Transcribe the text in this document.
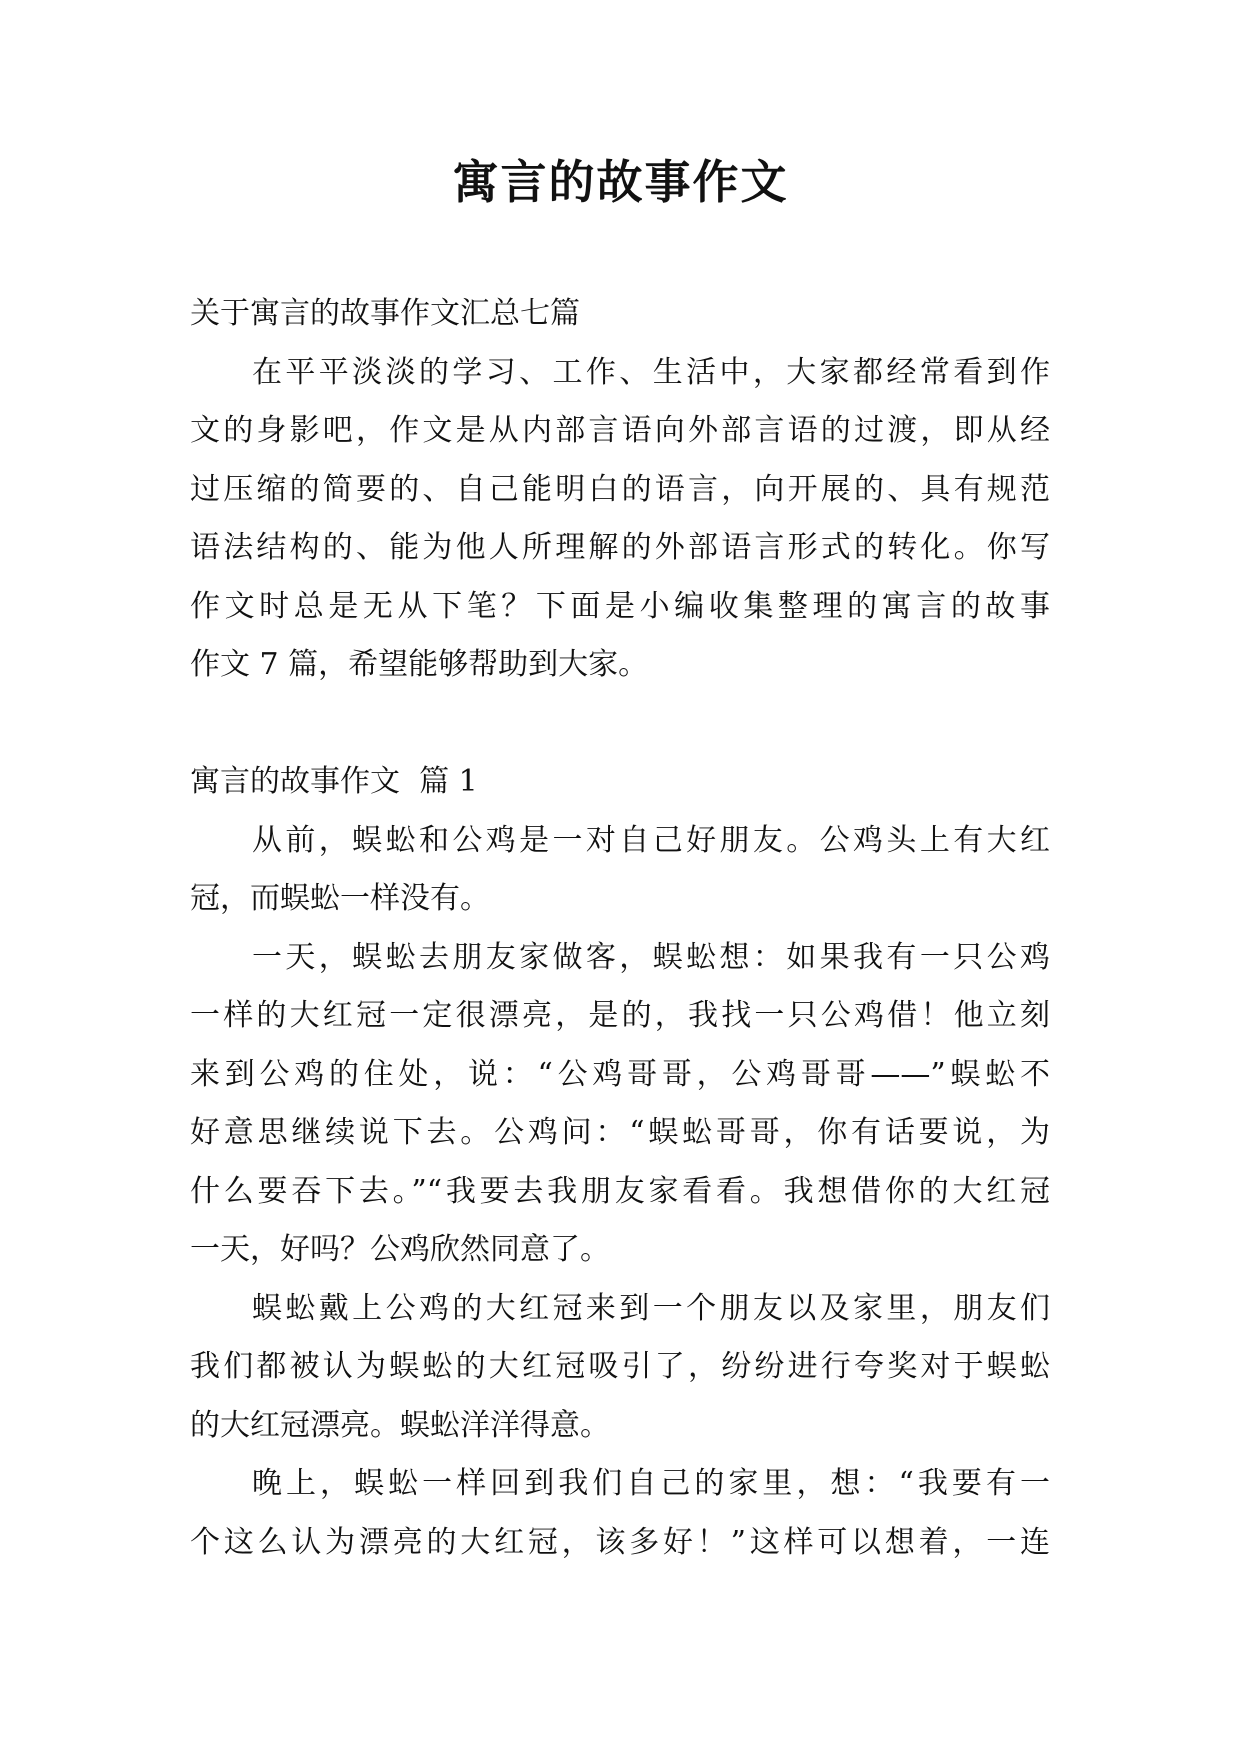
寓言的故事作文
关于寓言的故事作文汇总七篇
在平平淡淡的学习、工作、生活中，大家都经常看到作
文的身影吧，作文是从内部言语向外部言语的过渡，即从经
过压缩的简要的、自己能明白的语言，向开展的、具有规范
语法结构的、能为他人所理解的外部语言形式的转化。你写
作文时总是无从下笔？下面是小编收集整理的寓言的故事
作文 7 篇，希望能够帮助到大家。
寓言的故事作文  篇 1
从前，蜈蚣和公鸡是一对自己好朋友。公鸡头上有大红
冠，而蜈蚣一样没有。
一天，蜈蚣去朋友家做客，蜈蚣想：如果我有一只公鸡
一样的大红冠一定很漂亮，是的，我找一只公鸡借！他立刻
来到公鸡的住处，说：“公鸡哥哥，公鸡哥哥——”蜈蚣不
好意思继续说下去。公鸡问：“蜈蚣哥哥，你有话要说，为
什么要吞下去。”“我要去我朋友家看看。我想借你的大红冠
一天，好吗？公鸡欣然同意了。
蜈蚣戴上公鸡的大红冠来到一个朋友以及家里，朋友们
我们都被认为蜈蚣的大红冠吸引了，纷纷进行夸奖对于蜈蚣
的大红冠漂亮。蜈蚣洋洋得意。
晚上，蜈蚣一样回到我们自己的家里，想：“我要有一
个这么认为漂亮的大红冠，该多好！”这样可以想着，一连
